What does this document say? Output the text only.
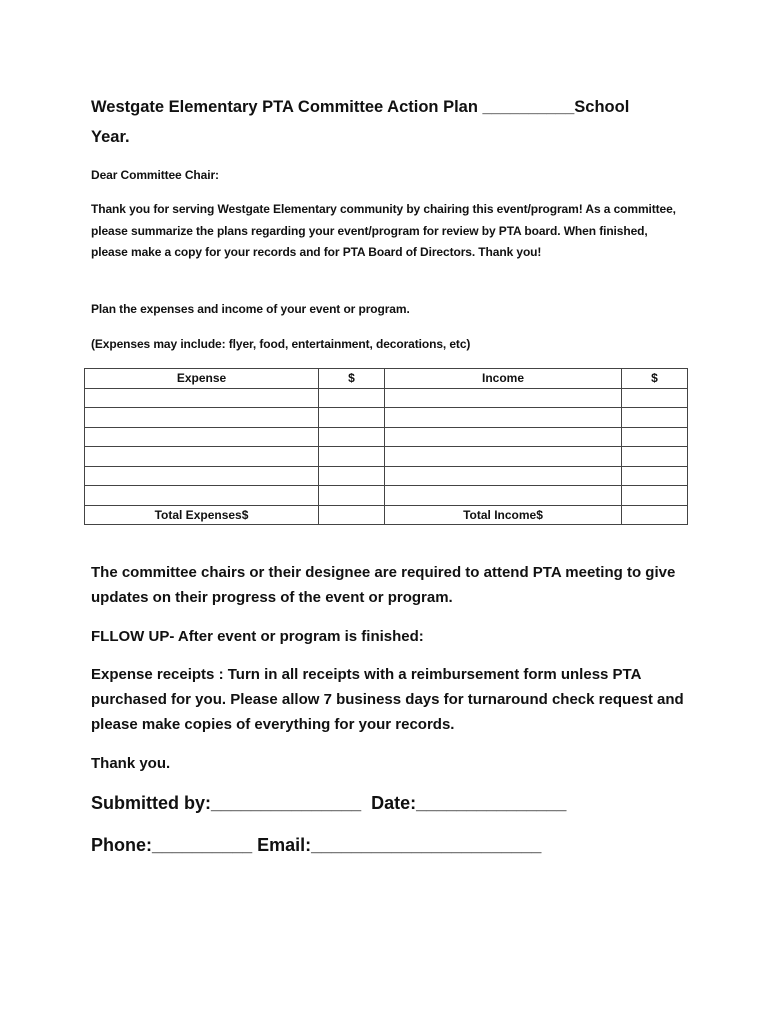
Westgate Elementary PTA Committee Action Plan __________School
Year.

Dear Committee Chair:

Thank you for serving Westgate Elementary community by chairing this event/program! As a committee, please summarize the plans regarding your event/program for review by PTA board. When finished, please make a copy for your records and for PTA Board of Directors. Thank you!

Plan the expenses and income of your event or program.

(Expenses may include: flyer, food, entertainment, decorations, etc)

Expense	$	Income	$

Total Expenses$		Total Income$	

The committee chairs or their designee are required to attend PTA meeting to give updates on their progress of the event or program.

FLLOW UP- After event or program is finished:

Expense receipts : Turn in all receipts with a reimbursement form unless PTA purchased for you. Please allow 7 business days for turnaround check request and please make copies of everything for your records.

Thank you.

Submitted by:_______________  Date:_______________

Phone:__________ Email:_______________________
